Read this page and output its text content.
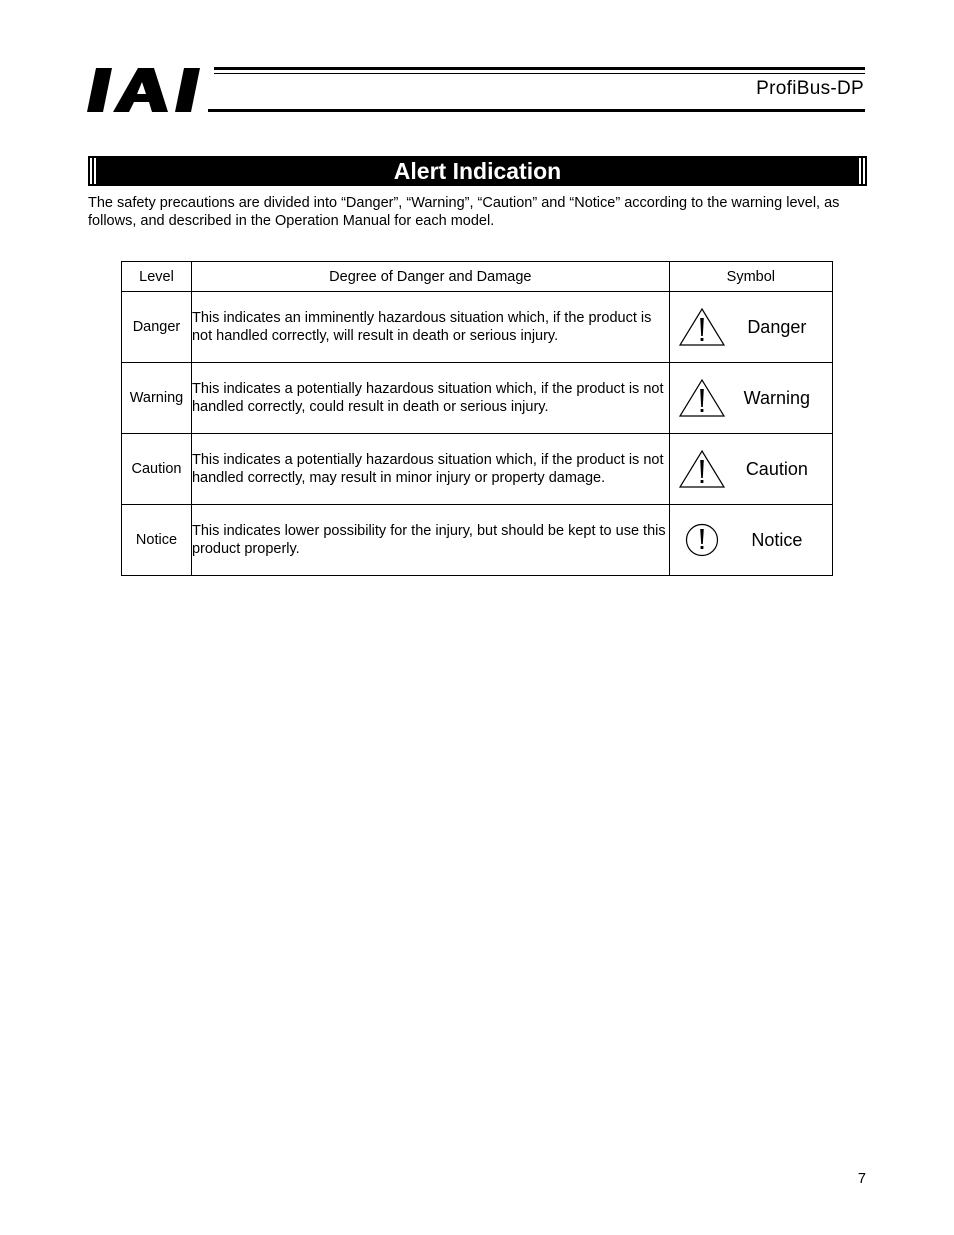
ProfiBus-DP
Alert Indication

The safety precautions are divided into “Danger”, “Warning”, “Caution” and “Notice” according to the warning level, as follows, and described in the Operation Manual for each model.

Level	Degree of Danger and Damage	Symbol
Danger	This indicates an imminently hazardous situation which, if the product is not handled correctly, will result in death or serious injury.	Danger

Warning	This indicates a potentially hazardous situation which, if the product is not handled correctly, could result in death or serious injury.	Warning

Caution	This indicates a potentially hazardous situation which, if the product is not handled correctly, may result in minor injury or property damage.	Caution

Notice	This indicates lower possibility for the injury, but should be kept to use this product properly.	Notice
7
